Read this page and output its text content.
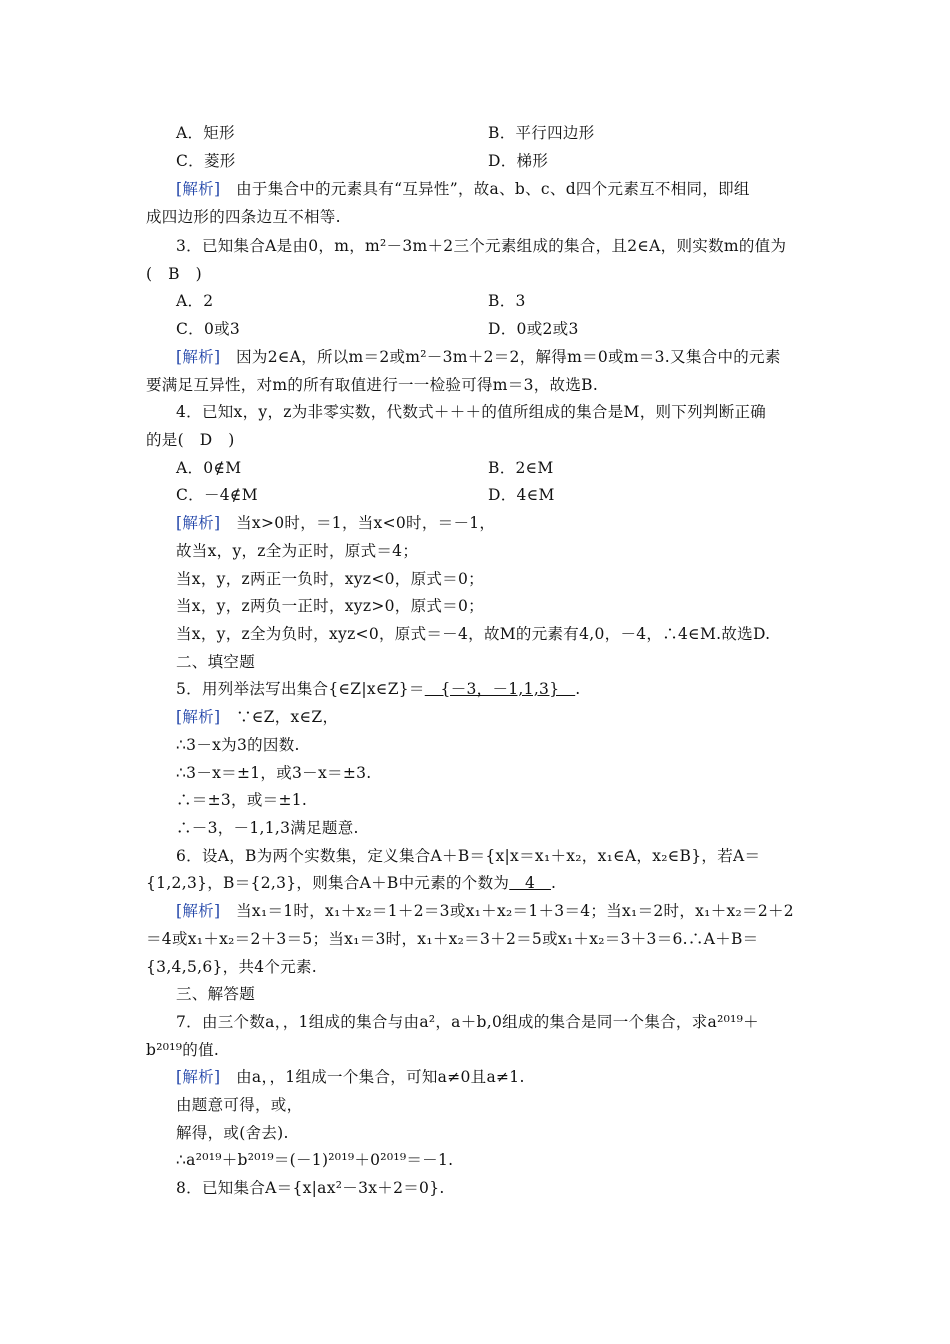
A．矩形	B．平行四边形
C．菱形	D．梯形
[解析]　 由于集合中的元素具有“互异性”，故a、b、c、d四个元素互不相同，即组
成四边形的四条边互不相等.
3．已知集合A是由0，m，m²－3m＋2三个元素组成的集合，且2∈A，则实数m的值为
(　B　)
A．2	B．3
C．0或3	D．0或2或3
[解析]　 因为2∈A，所以m＝2或m²－3m＋2＝2，解得m＝0或m＝3.又集合中的元素
要满足互异性，对m的所有取值进行一一检验可得m＝3，故选B.
4．已知x，y，z为非零实数，代数式＋＋＋的值所组成的集合是M，则下列判断正确
的是(　D　)
A．0∉M	B．2∈M
C．－4∉M	D．4∈M
[解析]　 当x>0时，＝1，当x<0时，＝－1，
故当x，y，z全为正时，原式＝4；
当x，y，z两正一负时，xyz<0，原式＝0；
当x，y，z两负一正时，xyz>0，原式＝0；
当x，y，z全为负时，xyz<0，原式＝－4，故M的元素有4,0，－4，∴4∈M.故选D.
二、填空题
5．用列举法写出集合{∈Z|x∈Z}＝　{－3，－1,1,3}　.
[解析]　 ∵∈Z，x∈Z，
∴3－x为3的因数.
∴3－x＝±1，或3－x＝±3.
∴＝±3，或＝±1.
∴－3，－1,1,3满足题意.
6．设A，B为两个实数集，定义集合A＋B＝{x|x＝x₁＋x₂，x₁∈A，x₂∈B}，若A＝
{1,2,3}，B＝{2,3}，则集合A＋B中元素的个数为　4　.
[解析]　 当x₁＝1时，x₁＋x₂＝1＋2＝3或x₁＋x₂＝1＋3＝4；当x₁＝2时，x₁＋x₂＝2＋2
＝4或x₁＋x₂＝2＋3＝5；当x₁＝3时，x₁＋x₂＝3＋2＝5或x₁＋x₂＝3＋3＝6.∴A＋B＝
{3,4,5,6}，共4个元素.
三、解答题
7．由三个数a，，1组成的集合与由a²，a＋b,0组成的集合是同一个集合，求a²⁰¹⁹＋
b²⁰¹⁹的值.
[解析]　 由a，，1组成一个集合，可知a≠0且a≠1.
由题意可得，或，
解得，或(舍去).
∴a²⁰¹⁹＋b²⁰¹⁹＝(－1)²⁰¹⁹＋0²⁰¹⁹＝－1.
8．已知集合A＝{x|ax²－3x＋2＝0}.
